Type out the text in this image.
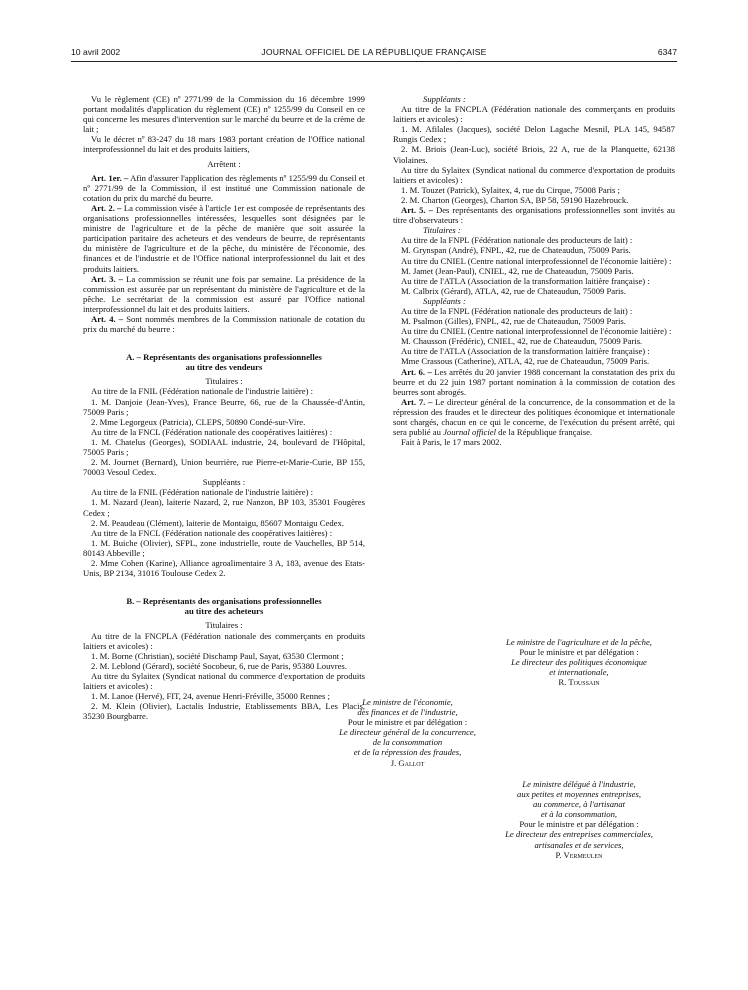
10 avril 2002	JOURNAL OFFICIEL DE LA RÉPUBLIQUE FRANÇAISE	6347

Vu le règlement (CE) nº 2771/99 de la Commission du 16 décembre 1999 portant modalités d'application du règlement (CE) nº 1255/99 du Conseil en ce qui concerne les mesures d'intervention sur le marché du beurre et de la crème de lait ;

Vu le décret nº 83-247 du 18 mars 1983 portant création de l'Office national interprofessionnel du lait et des produits laitiers,

Arrêtent :

Art. 1er. – Afin d'assurer l'application des règlements nº 1255/99 du Conseil et nº 2771/99 de la Commission, il est institué une Commission nationale de cotation du prix du marché du beurre.

Art. 2. – La commission visée à l'article 1er est composée de représentants des organisations professionnelles intéressées, lesquelles sont désignées par le ministre de l'agriculture et de la pêche de manière que soit assurée la participation paritaire des acheteurs et des vendeurs de beurre, de représentants du ministère de l'agriculture et de la pêche, du ministère de l'économie, des finances et de l'industrie et de l'Office national interprofessionnel du lait et des produits laitiers.

Art. 3. – La commission se réunit une fois par semaine. La présidence de la commission est assurée par un représentant du ministère de l'agriculture et de la pêche. Le secrétariat de la commission est assuré par l'Office national interprofessionnel du lait et des produits laitiers.

Art. 4. – Sont nommés membres de la Commission nationale de cotation du prix du marché du beurre :

A. – Représentants des organisations professionnelles

au titre des vendeurs

Titulaires :

Au titre de la FNIL (Fédération nationale de l'industrie laitière) :

1. M. Danjoie (Jean-Yves), France Beurre, 66, rue de la Chaussée-d'Antin, 75009 Paris ;

2. Mme Legorgeux (Patricia), CLEPS, 50890 Condé-sur-Vire.

Au titre de la FNCL (Fédération nationale des coopératives laitières) :

1. M. Chatelus (Georges), SODIAAL industrie, 24, boulevard de l'Hôpital, 75005 Paris ;

2. M. Journet (Bernard), Union beurrière, rue Pierre-et-Marie-Curie, BP 155, 70003 Vesoul Cedex.

Suppléants :

Au titre de la FNIL (Fédération nationale de l'industrie laitière) :

1. M. Nazard (Jean), laiterie Nazard, 2, rue Nanzon, BP 103, 35301 Fougères Cedex ;

2. M. Peaudeau (Clément), laiterie de Montaigu, 85607 Montaigu Cedex.

Au titre de la FNCL (Fédération nationale des coopératives laitières) :

1. M. Buiche (Olivier), SFPL, zone industrielle, route de Vauchelles, BP 514, 80143 Abbeville ;

2. Mme Cohen (Karine), Alliance agroalimentaire 3 A, 183, avenue des Etats-Unis, BP 2134, 31016 Toulouse Cedex 2.

B. – Représentants des organisations professionnelles

au titre des acheteurs

Titulaires :

Au titre de la FNCPLA (Fédération nationale des commerçants en produits laitiers et avicoles) :

1. M. Borne (Christian), société Dischamp Paul, Sayat, 63530 Clermont ;

2. M. Leblond (Gérard), société Socobeur, 6, rue de Paris, 95380 Louvres.

Au titre du Sylaitex (Syndicat national du commerce d'exportation de produits laitiers et avicoles) :

1. M. Lanoe (Hervé), FIT, 24, avenue Henri-Fréville, 35000 Rennes ;

2. M. Klein (Olivier), Lactalis Industrie, Etablissements BBA, Les Placis, 35230 Bourgbarre.

Suppléants :

Au titre de la FNCPLA (Fédération nationale des commerçants en produits laitiers et avicoles) :

1. M. Afilales (Jacques), société Delon Lagache Mesnil, PLA 145, 94587 Rungis Cedex ;

2. M. Briois (Jean-Luc), société Briois, 22 A, rue de la Planquette, 62138 Violaines.

Au titre du Sylaitex (Syndicat national du commerce d'exportation de produits laitiers et avicoles) :

1. M. Touzet (Patrick), Sylaitex, 4, rue du Cirque, 75008 Paris ;

2. M. Charton (Georges), Charton SA, BP 58, 59190 Hazebrouck.

Art. 5. – Des représentants des organisations professionnelles sont invités au titre d'observateurs :

Titulaires :

Au titre de la FNPL (Fédération nationale des producteurs de lait) :

M. Grynspan (André), FNPL, 42, rue de Chateaudun, 75009 Paris.

Au titre du CNIEL (Centre national interprofessionnel de l'économie laitière) :

M. Jamet (Jean-Paul), CNIEL, 42, rue de Chateaudun, 75009 Paris.

Au titre de l'ATLA (Association de la transformation laitière française) :

M. Calbrix (Gérard), ATLA, 42, rue de Chateaudun, 75009 Paris.

Suppléants :

Au titre de la FNPL (Fédération nationale des producteurs de lait) :

M. Psalmon (Gilles), FNPL, 42, rue de Chateaudun, 75009 Paris.

Au titre du CNIEL (Centre national interprofessionnel de l'économie laitière) :

M. Chausson (Frédéric), CNIEL, 42, rue de Chateaudun, 75009 Paris.

Au titre de l'ATLA (Association de la transformation laitière française) :

Mme Crassous (Catherine), ATLA, 42, rue de Chateaudun, 75009 Paris.

Art. 6. – Les arrêtés du 20 janvier 1988 concernant la constatation des prix du beurre et du 22 juin 1987 portant nomination à la commission de cotation des beurres sont abrogés.

Art. 7. – Le directeur général de la concurrence, de la consommation et de la répression des fraudes et le directeur des politiques économique et internationale sont chargés, chacun en ce qui le concerne, de l'exécution du présent arrêté, qui sera publié au Journal officiel de la République française.

Fait à Paris, le 17 mars 2002.

Le ministre de l'agriculture et de la pêche,

Pour le ministre et par délégation :

Le directeur des politiques économique

et internationale,

R. Toussain

Le ministre de l'économie,

des finances et de l'industrie,

Pour le ministre et par délégation :

Le directeur général de la concurrence,

de la consommation

et de la répression des fraudes,

J. Gallot

Le ministre délégué à l'industrie,

aux petites et moyennes entreprises,

au commerce, à l'artisanat

et à la consommation,

Pour le ministre et par délégation :

Le directeur des entreprises commerciales,

artisanales et de services,

P. Vermeulen
